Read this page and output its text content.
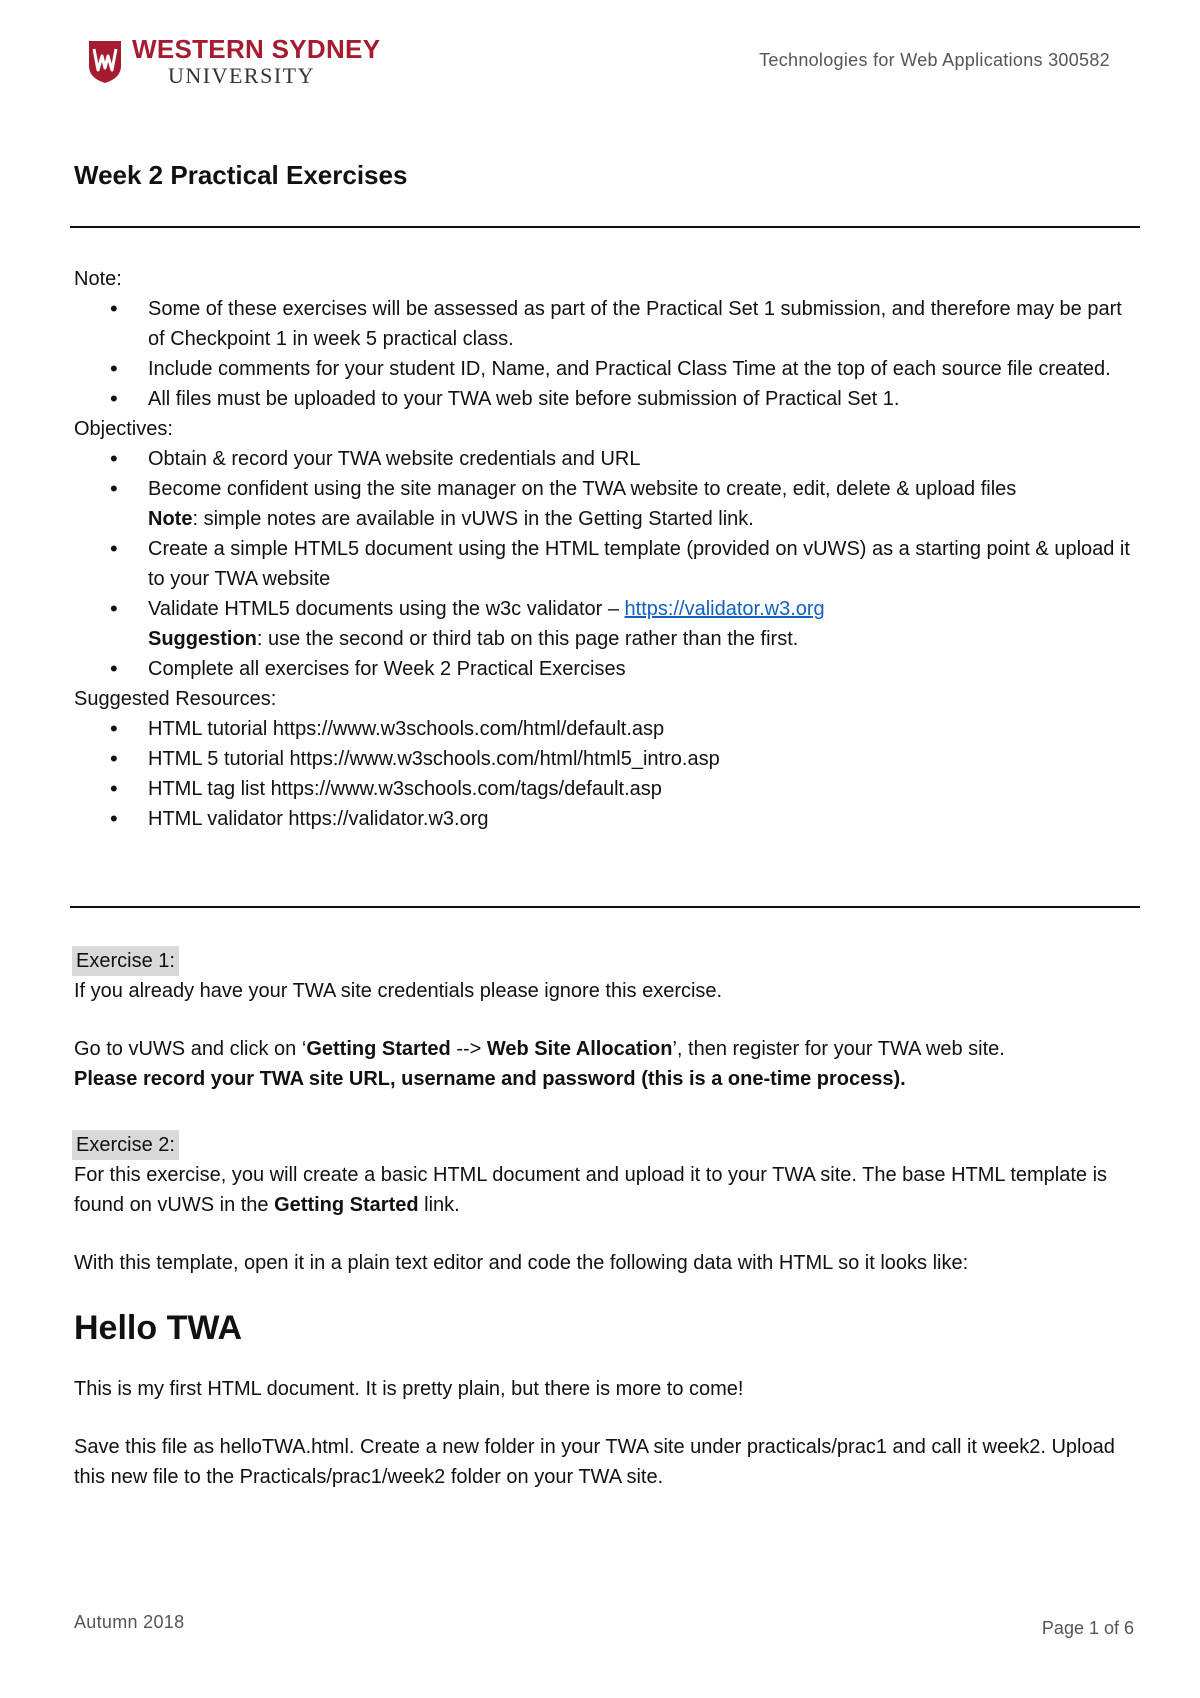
WESTERN SYDNEY
UNIVERSITY
Technologies for Web Applications 300582
Week 2 Practical Exercises

Note:

• Some of these exercises will be assessed as part of the Practical Set 1 submission, and therefore may be part of Checkpoint 1 in week 5 practical class.
• Include comments for your student ID, Name, and Practical Class Time at the top of each source file created.
• All files must be uploaded to your TWA web site before submission of Practical Set 1.

Objectives:

• Obtain & record your TWA website credentials and URL
• Become confident using the site manager on the TWA website to create, edit, delete & upload files
Note: simple notes are available in vUWS in the Getting Started link.
• Create a simple HTML5 document using the HTML template (provided on vUWS) as a starting point & upload it to your TWA website
• Validate HTML5 documents using the w3c validator – https://validator.w3.org
Suggestion: use the second or third tab on this page rather than the first.
• Complete all exercises for Week 2 Practical Exercises

Suggested Resources:

• HTML tutorial https://www.w3schools.com/html/default.asp
• HTML 5 tutorial https://www.w3schools.com/html/html5_intro.asp
• HTML tag list https://www.w3schools.com/tags/default.asp
• HTML validator https://validator.w3.org

Exercise 1:

If you already have your TWA site credentials please ignore this exercise.

Go to vUWS and click on ‘Getting Started --> Web Site Allocation’, then register for your TWA web site.

Please record your TWA site URL, username and password (this is a one-time process).

Exercise 2:

For this exercise, you will create a basic HTML document and upload it to your TWA site. The base HTML template is found on vUWS in the Getting Started link.

With this template, open it in a plain text editor and code the following data with HTML so it looks like:

Hello TWA

This is my first HTML document. It is pretty plain, but there is more to come!

Save this file as helloTWA.html. Create a new folder in your TWA site under practicals/prac1 and call it week2. Upload this new file to the Practicals/prac1/week2 folder on your TWA site.

Autumn 2018	Page 1 of 6
